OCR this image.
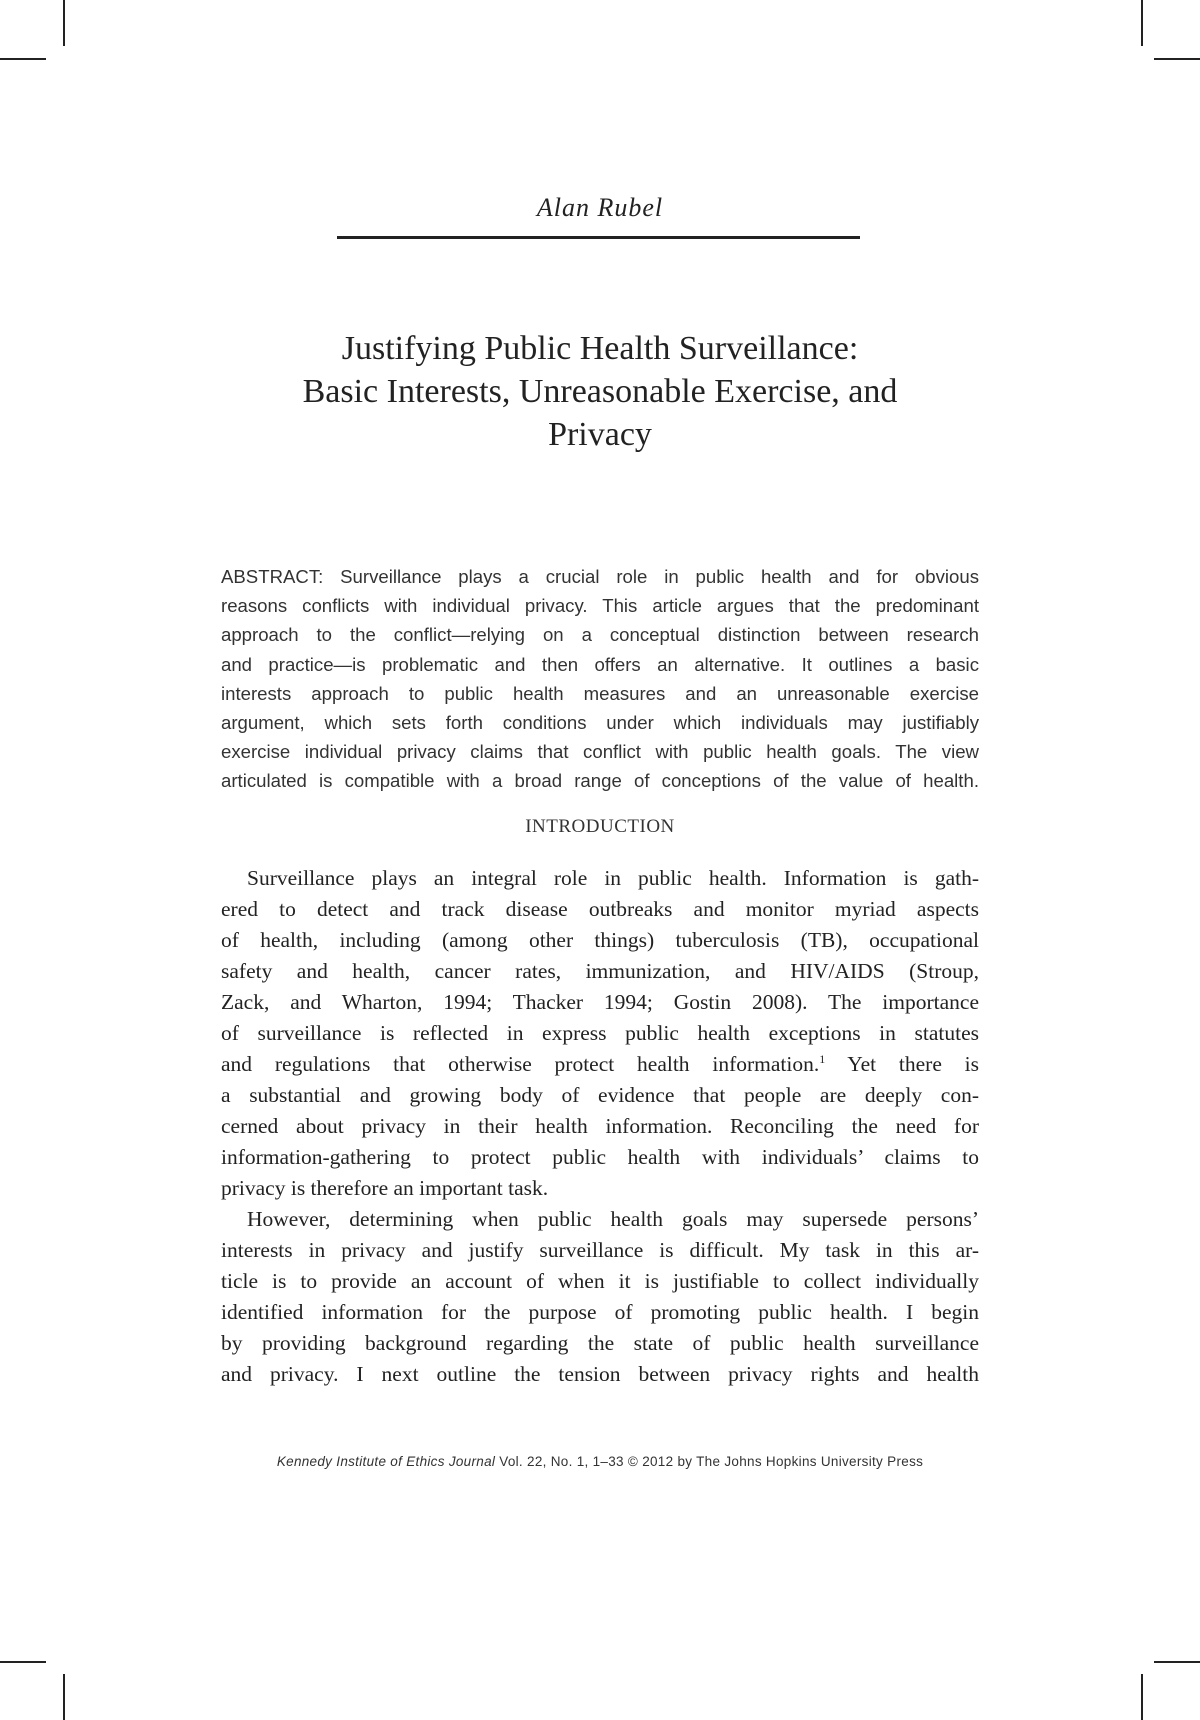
Alan Rubel
Justifying Public Health Surveillance:
Basic Interests, Unreasonable Exercise, and
Privacy
ABSTRACT: Surveillance plays a crucial role in public health and for obvious
reasons conflicts with individual privacy. This article argues that the predominant
approach to the conflict—relying on a conceptual distinction between research
and practice—is problematic and then offers an alternative. It outlines a basic
interests approach to public health measures and an unreasonable exercise
argument, which sets forth conditions under which individuals may justifiably
exercise individual privacy claims that conflict with public health goals. The view
articulated is compatible with a broad range of conceptions of the value of health.
INTRODUCTION
Surveillance plays an integral role in public health. Information is gath-
ered to detect and track disease outbreaks and monitor myriad aspects
of health, including (among other things) tuberculosis (TB), occupational
safety and health, cancer rates, immunization, and HIV/AIDS (Stroup,
Zack, and Wharton, 1994; Thacker 1994; Gostin 2008). The importance
of surveillance is reflected in express public health exceptions in statutes
and regulations that otherwise protect health information.$^1$ Yet there is
a substantial and growing body of evidence that people are deeply con-
cerned about privacy in their health information. Reconciling the need for
information-gathering to protect public health with individuals’ claims to
privacy is therefore an important task.
However, determining when public health goals may supersede persons’
interests in privacy and justify surveillance is difficult. My task in this ar-
ticle is to provide an account of when it is justifiable to collect individually
identified information for the purpose of promoting public health. I begin
by providing background regarding the state of public health surveillance
and privacy. I next outline the tension between privacy rights and health
Kennedy Institute of Ethics Journal Vol. 22, No. 1, 1–33 © 2012 by The Johns Hopkins University Press
